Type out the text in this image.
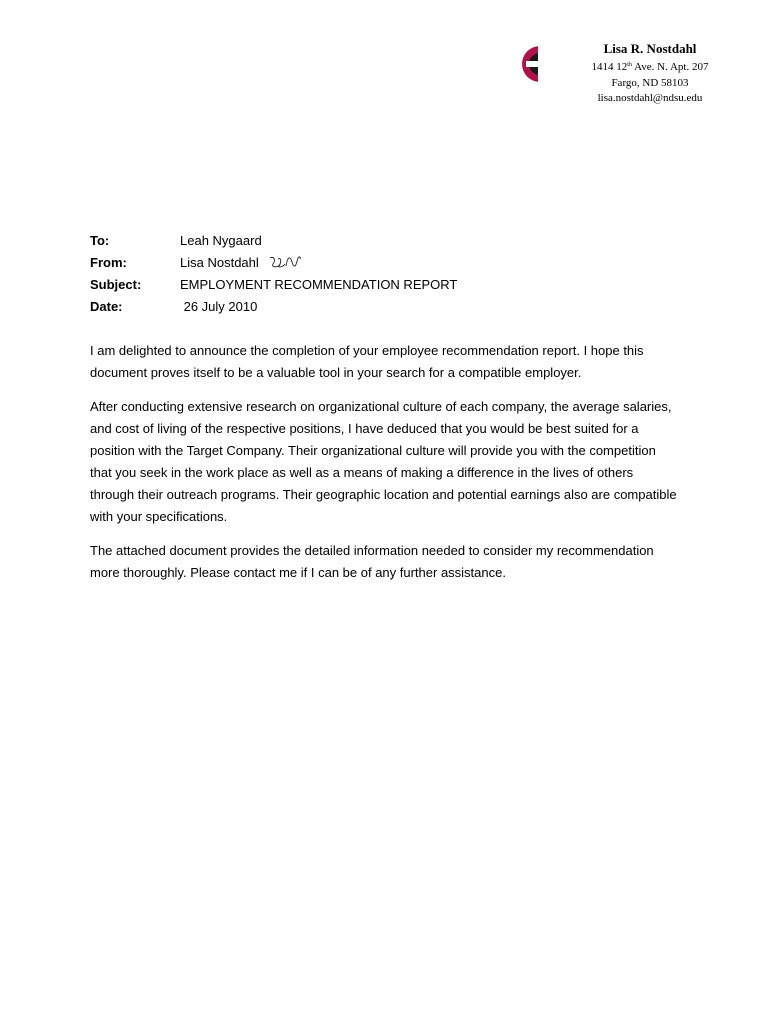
Lisa R. Nostdahl
1414 12th Ave. N. Apt. 207
Fargo, ND 58103
lisa.nostdahl@ndsu.edu
To:	Leah Nygaard
From:	Lisa Nostdahl
Subject:	EMPLOYMENT RECOMMENDATION REPORT
Date:	26 July 2010

I am delighted to announce the completion of your employee recommendation report. I hope this document proves itself to be a valuable tool in your search for a compatible employer.

After conducting extensive research on organizational culture of each company, the average salaries, and cost of living of the respective positions, I have deduced that you would be best suited for a position with the Target Company. Their organizational culture will provide you with the competition that you seek in the work place as well as a means of making a difference in the lives of others through their outreach programs. Their geographic location and potential earnings also are compatible with your specifications.

The attached document provides the detailed information needed to consider my recommendation more thoroughly. Please contact me if I can be of any further assistance.
